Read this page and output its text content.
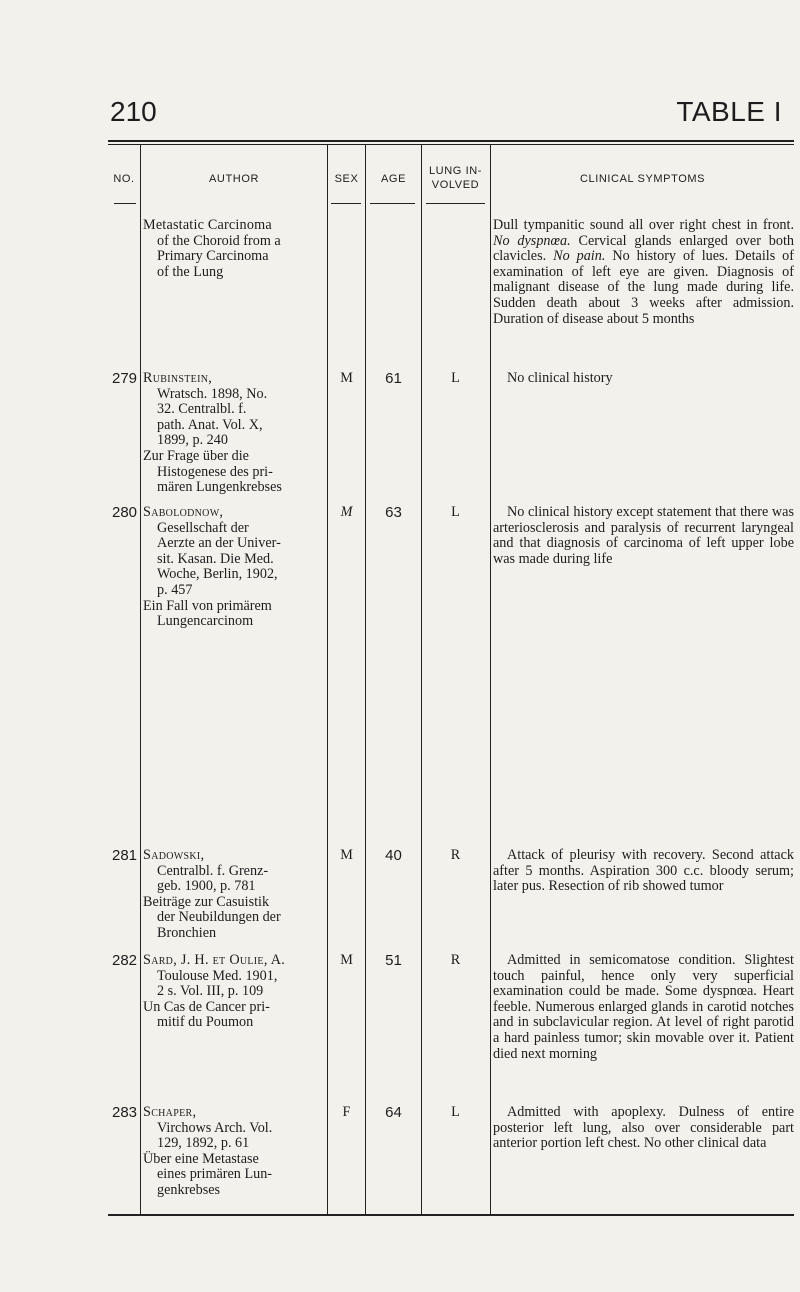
210	TABLE I
NO.	AUTHOR	SEX	AGE
LUNG IN-
VOLVED	CLINICAL SYMPTOMS
Metastatic Carcinoma
of the Choroid from a
Primary Carcinoma
of the Lung
Dull tympanitic sound all over right chest in front. No dyspnœa. Cervical glands enlarged over both clavicles. No pain. No history of lues. Details of examination of left eye are given. Diagnosis of malignant disease of the lung made during life. Sudden death about 3 weeks after admission. Duration of disease about 5 months
279 Rubinstein,
Wratsch. 1898, No.
32. Centralbl. f.
path. Anat. Vol. X,
1899, p. 240
Zur Frage über die
Histogenese des pri-
mären Lungenkrebses
M	61	L	No clinical history
280 Sabolodnow,
Gesellschaft der
Aerzte an der Univer-
sit. Kasan. Die Med.
Woche, Berlin, 1902,
p. 457
Ein Fall von primärem
Lungencarcinom
M	63	L	No clinical history except statement that there was arteriosclerosis and paralysis of recurrent laryngeal and that diagnosis of carcinoma of left upper lobe was made during life
281 Sadowski,
Centralbl. f. Grenz-
geb. 1900, p. 781
Beiträge zur Casuistik
der Neubildungen der
Bronchien
M	40	R	Attack of pleurisy with recovery. Second attack after 5 months. Aspiration 300 c.c. bloody serum; later pus. Resection of rib showed tumor
282 Sard, J. H. et Oulie, A.
Toulouse Med. 1901,
2 s. Vol. III, p. 109
Un Cas de Cancer pri-
mitif du Poumon
M	51	R	Admitted in semicomatose condition. Slightest touch painful, hence only very superficial examination could be made. Some dyspnœa. Heart feeble. Numerous enlarged glands in carotid notches and in subclavicular region. At level of right parotid a hard painless tumor; skin movable over it. Patient died next morning
283 Schaper,
Virchows Arch. Vol.
129, 1892, p. 61
Über eine Metastase
eines primären Lun-
genkrebses
F	64	L	Admitted with apoplexy. Dulness of entire posterior left lung, also over considerable part anterior portion left chest. No other clinical data
